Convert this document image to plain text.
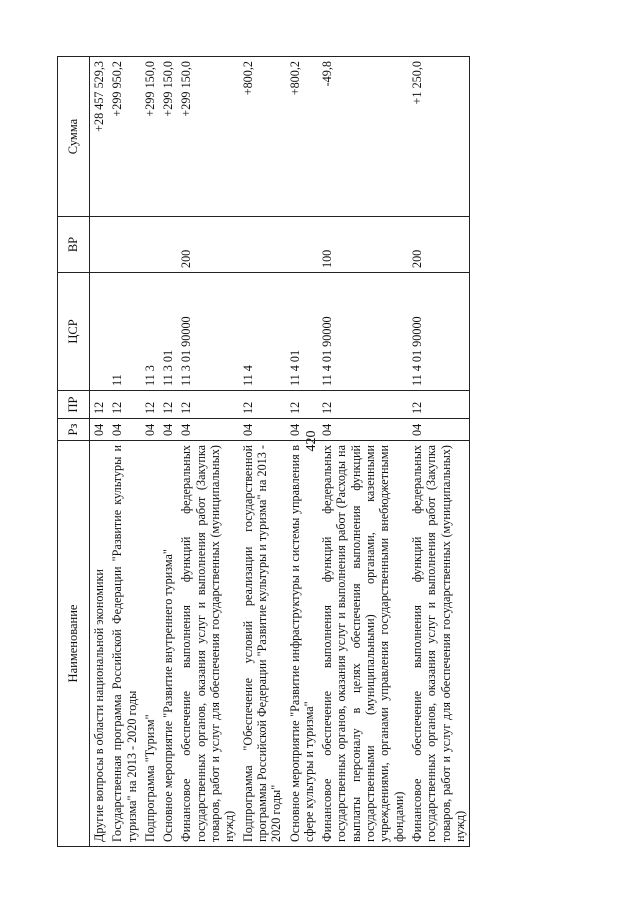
420
Наименование	Рз	ПР	ЦСР	ВР	Сумма
Другие вопросы в области национальной экономики	04	12			+28 457 529,3
Государственная программа Российской Федерации "Развитие культуры и туризма" на 2013 - 2020 годы	04	12	11		+299 950,2
Подпрограмма "Туризм"	04	12	11 3		+299 150,0
Основное мероприятие "Развитие внутреннего туризма"	04	12	11 3 01		+299 150,0
Финансовое обеспечение выполнения функций федеральных государственных органов, оказания услуг и выполнения работ (Закупка товаров, работ и услуг для обеспечения государственных (муниципальных) нужд)	04	12	11 3 01 90000	200	+299 150,0
Подпрограмма "Обеспечение условий реализации государственной программы Российской Федерации "Развитие культуры и туризма" на 2013 - 2020 годы"	04	12	11 4		+800,2
Основное мероприятие "Развитие инфраструктуры и системы управления в сфере культуры и туризма"	04	12	11 4 01		+800,2
Финансовое обеспечение выполнения функций федеральных государственных органов, оказания услуг и выполнения работ (Расходы на выплаты персоналу в целях обеспечения выполнения функций государственными (муниципальными) органами, казенными учреждениями, органами управления государственными внебюджетными фондами)	04	12	11 4 01 90000	100	-49,8
Финансовое обеспечение выполнения функций федеральных государственных органов, оказания услуг и выполнения работ (Закупка товаров, работ и услуг для обеспечения государственных (муниципальных) нужд)	04	12	11 4 01 90000	200	+1 250,0
